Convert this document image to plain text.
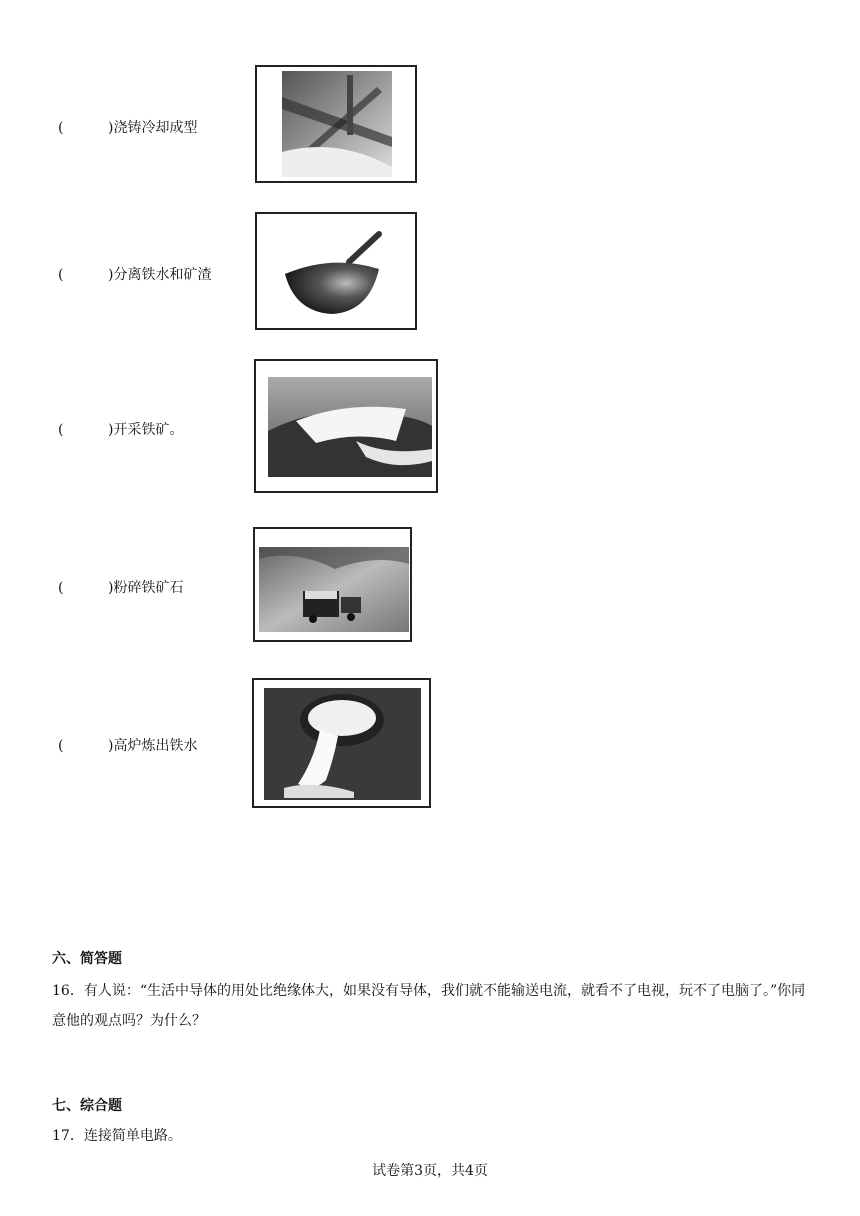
(	)浇铸冷却成型
(	)分离铁水和矿渣
(	)开采铁矿。
(	)粉碎铁矿石
(	)高炉炼出铁水
六、简答题
16．有人说：“生活中导体的用处比绝缘体大，如果没有导体，我们就不能输送电流，就看不了电视，玩不了电脑了。”你同意他的观点吗？为什么？
七、综合题
17．连接简单电路。
试卷第3页，共4页
